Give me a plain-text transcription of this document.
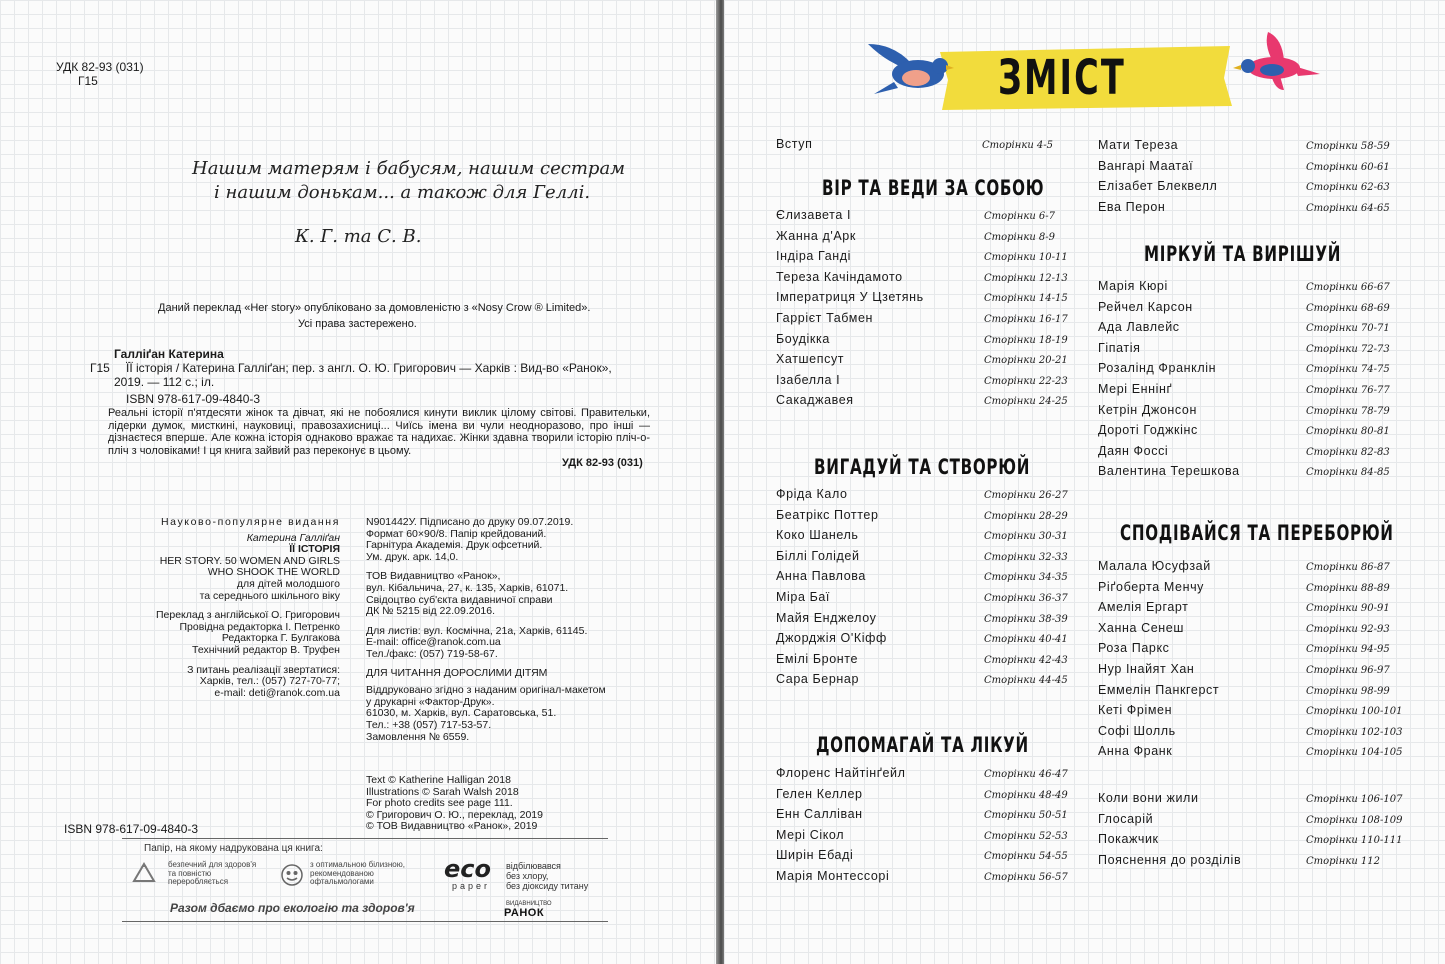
УДК 82-93 (031)
Г15
Нашим матерям і бабусям, нашим сестрам
і нашим донькам... а також для Геллі.
К. Г. та С. В.
Даний переклад «Her story» опубліковано за домовленістю з «Nosy Crow ® Limited».
Усі права застережено.
Галліґан Катерина
Г15 ЇЇ історія / Катерина Галліґан; пер. з англ. О. Ю. Григорович — Харків : Вид-во «Ранок»,
2019. — 112 с.; іл.
ISBN 978-617-09-4840-3
Реальні історії п'ятдесяти жінок та дівчат, які не побоялися кинути виклик цілому світові. Правительки, лідерки думок, мисткині, науковиці, правозахисниці... Чиїсь імена ви чули неодноразово, про інші — дізнаєтеся вперше. Але кожна історія однаково вражає та надихає. Жінки здавна творили історію пліч-о-пліч з чоловіками! І ця книга зайвий раз переконує в цьому.
УДК 82-93 (031)
Науково-популярне видання
Катерина Галліґан
ЇЇ ІСТОРІЯ
HER STORY. 50 WOMEN AND GIRLS
WHO SHOOK THE WORLD
для дітей молодшого
та середнього шкільного віку
Переклад з англійської О. Григорович
Провідна редакторка І. Петренко
Редакторка Г. Булгакова
Технічний редактор В. Труфен
З питань реалізації звертатися:
Харків, тел.: (057) 727-70-77;
e-mail: deti@ranok.com.ua
N901442У. Підписано до друку 09.07.2019.
Формат 60×90/8. Папір крейдований.
Гарнітура Академія. Друк офсетний.
Ум. друк. арк. 14,0.
ТОВ Видавництво «Ранок»,
вул. Кібальчича, 27, к. 135, Харків, 61071.
Свідоцтво суб'єкта видавничої справи
ДК № 5215 від 22.09.2016.
Для листів: вул. Космічна, 21а, Харків, 61145.
E-mail: office@ranok.com.ua
Тел./факс: (057) 719-58-67.
ДЛЯ ЧИТАННЯ ДОРОСЛИМИ ДІТЯМ
Віддруковано згідно з наданим оригінал-макетом
у друкарні «Фактор-Друк».
61030, м. Харків, вул. Саратовська, 51.
Тел.: +38 (057) 717-53-57.
Замовлення № 6559.
Text © Katherine Halligan 2018
Illustrations © Sarah Walsh 2018
For photo credits see page 111.
© Григорович О. Ю., переклад, 2019
© ТОВ Видавництво «Ранок», 2019
ISBN 978-617-09-4840-3
Папір, на якому надрукована ця книга:
безпечний для здоров'я
та повністю
переробляється
з оптимальною білизною,
рекомендованою
офтальмологами	eco
paper
відбілювався
без хлору,
без діоксиду титану
Разом дбаємо про екологію та здоров'я	ВИДАВНИЦТВО
РАНОК
ЗМІСТ
Вступ	Сторінки 4-5
ВІР ТА ВЕДИ ЗА СОБОЮ
Єлизавета І	Сторінки 6-7
Жанна д'Арк	Сторінки 8-9
Індіра Ганді	Сторінки 10-11
Тереза Качіндамото	Сторінки 12-13
Імператриця У Цзетянь	Сторінки 14-15
Гаррієт Табмен	Сторінки 16-17
Боудікка	Сторінки 18-19
Хатшепсут	Сторінки 20-21
Ізабелла І	Сторінки 22-23
Сакаджавея	Сторінки 24-25
ВИГАДУЙ ТА СТВОРЮЙ
Фріда Кало	Сторінки 26-27
Беатрікс Поттер	Сторінки 28-29
Коко Шанель	Сторінки 30-31
Біллі Голідей	Сторінки 32-33
Анна Павлова	Сторінки 34-35
Міра Баї	Сторінки 36-37
Майя Енджелоу	Сторінки 38-39
Джорджія О'Кіфф	Сторінки 40-41
Емілі Бронте	Сторінки 42-43
Сара Бернар	Сторінки 44-45
ДОПОМАГАЙ ТА ЛІКУЙ
Флоренс Найтінґейл	Сторінки 46-47
Гелен Келлер	Сторінки 48-49
Енн Салліван	Сторінки 50-51
Мері Сікол	Сторінки 52-53
Ширін Ебаді	Сторінки 54-55
Марія Монтессорі	Сторінки 56-57
Мати Тереза	Сторінки 58-59
Вангарі Маатаї	Сторінки 60-61
Елізабет Блеквелл	Сторінки 62-63
Ева Перон	Сторінки 64-65
МІРКУЙ ТА ВИРІШУЙ
Марія Кюрі	Сторінки 66-67
Рейчел Карсон	Сторінки 68-69
Ада Лавлейс	Сторінки 70-71
Гіпатія	Сторінки 72-73
Розалінд Франклін	Сторінки 74-75
Мері Еннінґ	Сторінки 76-77
Кетрін Джонсон	Сторінки 78-79
Дороті Годжкінс	Сторінки 80-81
Даян Фоссі	Сторінки 82-83
Валентина Терешкова	Сторінки 84-85
СПОДІВАЙСЯ ТА ПЕРЕБОРЮЙ
Малала Юсуфзай	Сторінки 86-87
Ріґоберта Менчу	Сторінки 88-89
Амелія Ергарт	Сторінки 90-91
Ханна Сенеш	Сторінки 92-93
Роза Паркс	Сторінки 94-95
Нур Інайят Хан	Сторінки 96-97
Еммелін Панкгерст	Сторінки 98-99
Кеті Фрімен	Сторінки 100-101
Софі Шолль	Сторінки 102-103
Анна Франк	Сторінки 104-105
Коли вони жили	Сторінки 106-107
Глосарій	Сторінки 108-109
Покажчик	Сторінки 110-111
Пояснення до розділів	Сторінки 112
